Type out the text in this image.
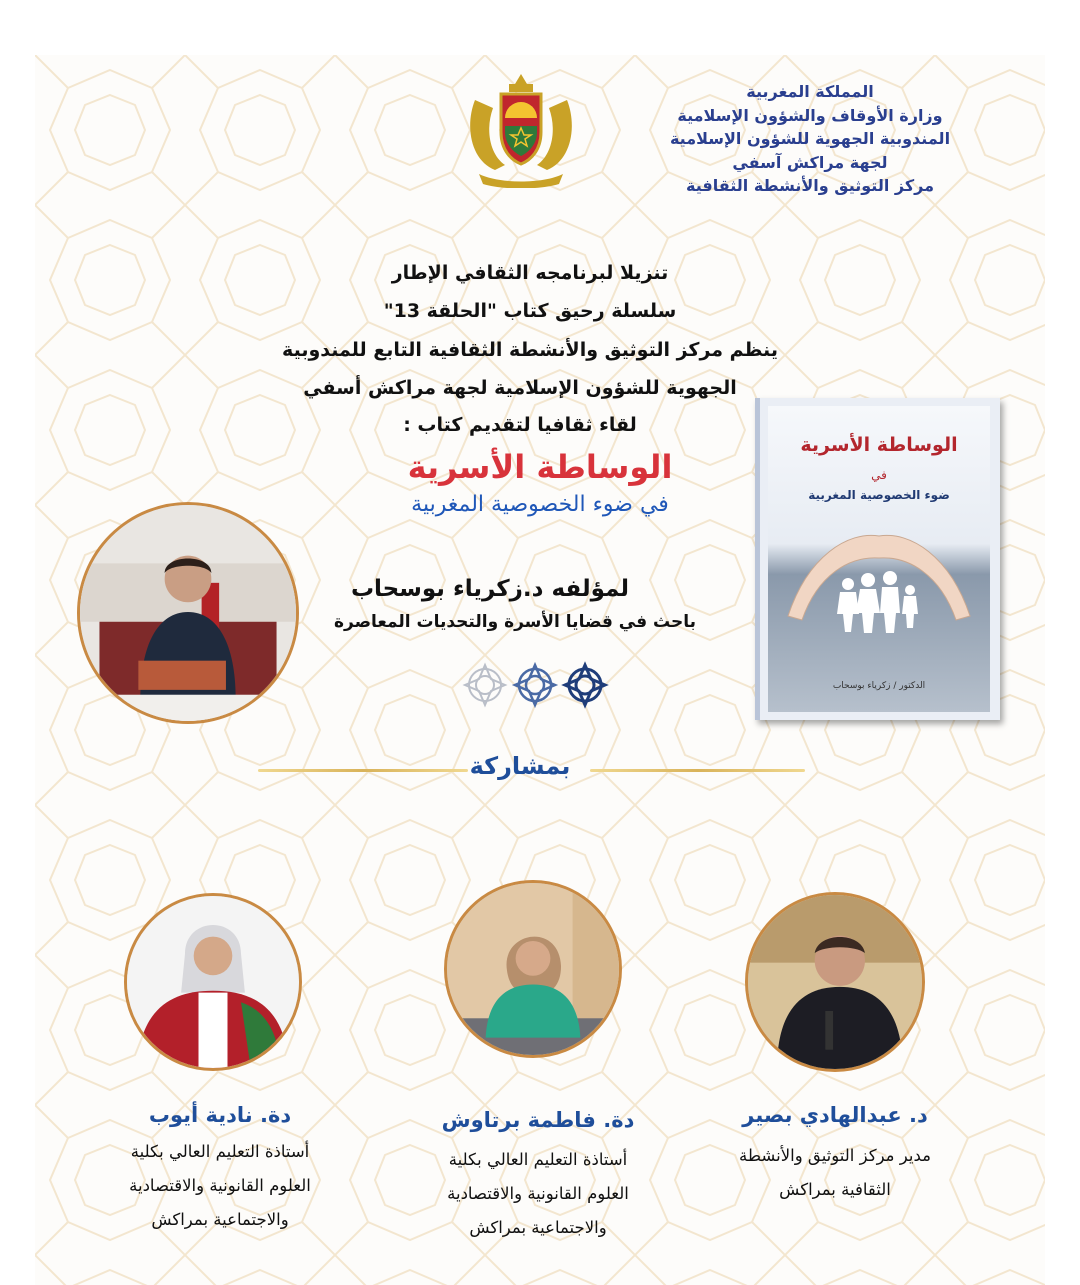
المملكة المغربية
وزارة الأوقاف والشؤون الإسلامية
المندوبية الجهوية للشؤون الإسلامية
لجهة مراكش آسفي
مركز التوثيق والأنشطة الثقافية
تنزيلا لبرنامجه الثقافي الإطار
سلسلة رحيق كتاب "الحلقة 13"
ينظم مركز التوثيق والأنشطة الثقافية التابع للمندوبية
الجهوية للشؤون الإسلامية لجهة مراكش أسفي
لقاء ثقافيا لتقديم كتاب :
الوساطة الأسرية
في ضوء الخصوصية المغربية
الوساطة الأسرية
في
ضوء الخصوصية المغربية
الدكتور / زكرياء بوسحاب
لمؤلفه د.زكرياء بوسحاب
باحث في قضايا الأسرة والتحديات المعاصرة
بمشاركة
د. عبدالهادي بصير
دة. فاطمة برتاوش
دة. نادية أيوب
مدير مركز التوثيق والأنشطة
الثقافية بمراكش
أستاذة التعليم العالي بكلية
العلوم القانونية والاقتصادية
والاجتماعية بمراكش
أستاذة التعليم العالي بكلية
العلوم القانونية والاقتصادية
والاجتماعية بمراكش
